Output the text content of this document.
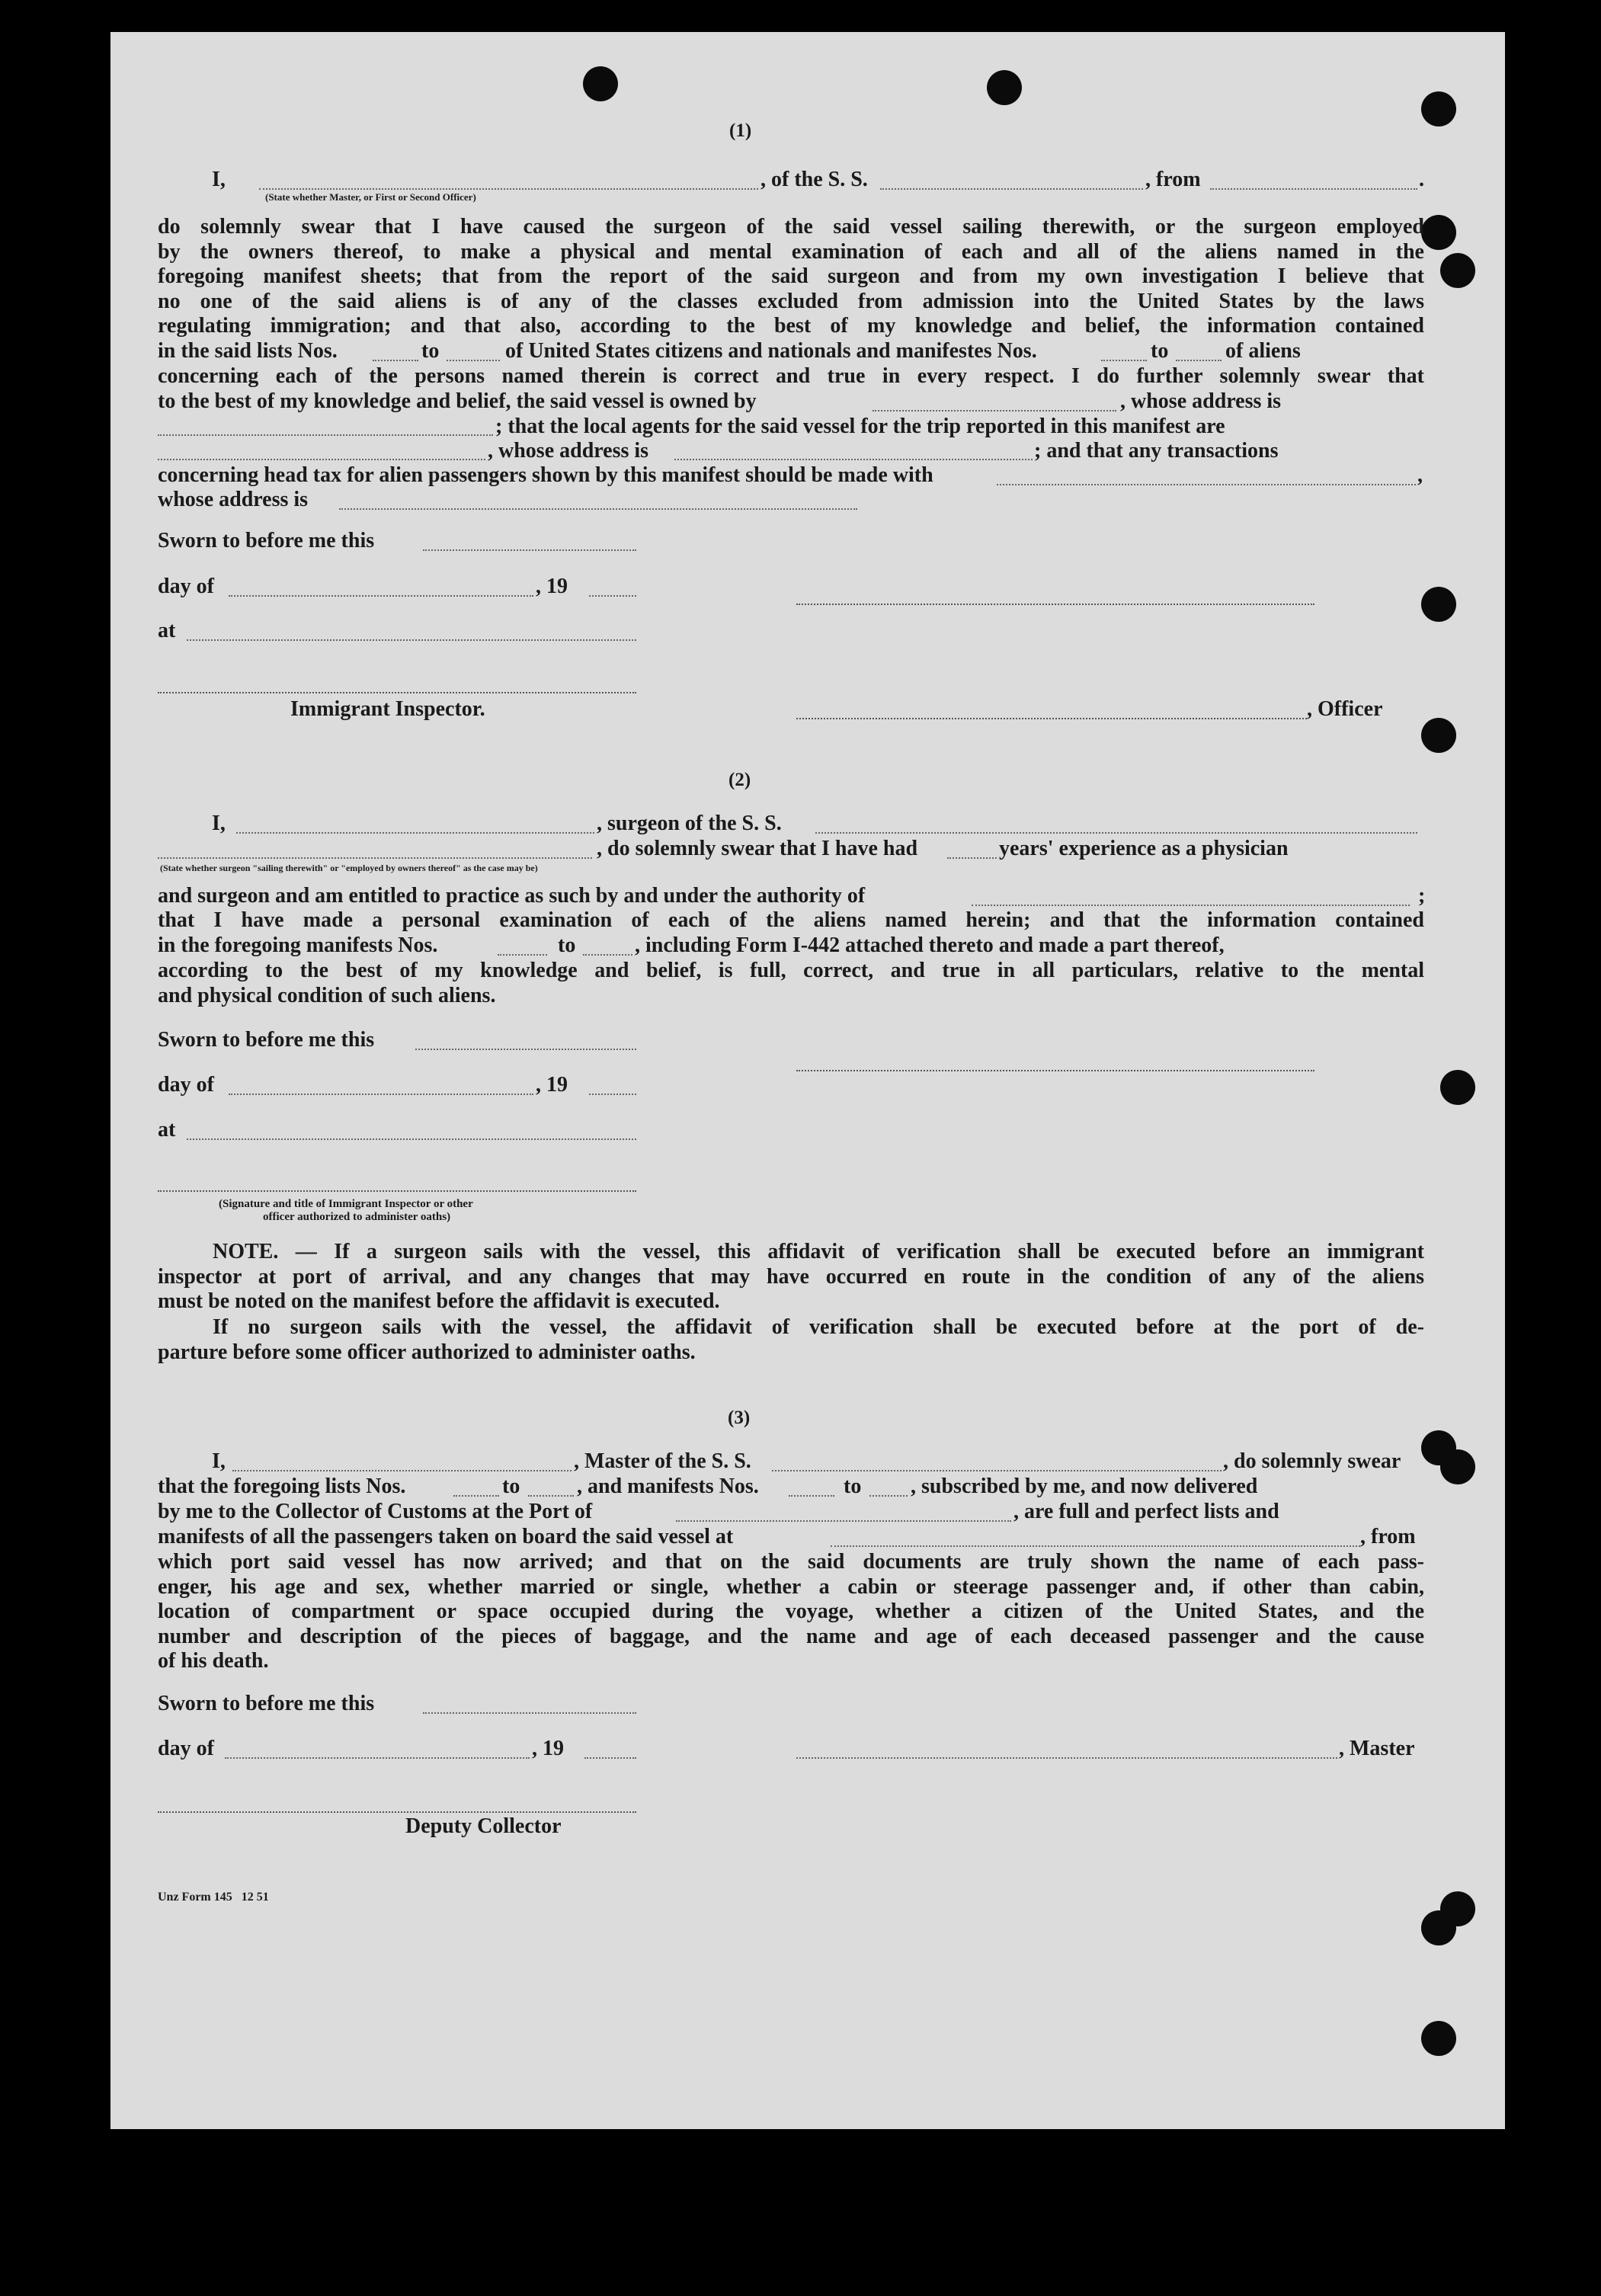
(1)
I,	, of the S. S.	, from	.
(State whether Master, or First or Second Officer)
do solemnly swear that I have caused the surgeon of the said vessel sailing therewith, or the surgeon employed
by the owners thereof, to make a physical and mental examination of each and all of the aliens named in the
foregoing manifest sheets; that from the report of the said surgeon and from my own investigation I believe that
no one of the said aliens is of any of the classes excluded from admission into the United States by the laws
regulating immigration; and that also, according to the best of my knowledge and belief, the information contained
in the said lists Nos.	to	of United States citizens and nationals and manifestes Nos.	to	of aliens
concerning each of the persons named therein is correct and true in every respect. I do further solemnly swear that
to the best of my knowledge and belief, the said vessel is owned by	, whose address is
; that the local agents for the said vessel for the trip reported in this manifest are
, whose address is	; and that any transactions
concerning head tax for alien passengers shown by this manifest should be made with	,
whose address is
Sworn to before me this
day of	, 19
at
Immigrant Inspector.	, Officer
(2)
I,	, surgeon of the S. S.
, do solemnly swear that I have had	years' experience as a physician
(State whether surgeon "sailing therewith" or "employed by owners thereof" as the case may be)
and surgeon and am entitled to practice as such by and under the authority of	;
that I have made a personal examination of each of the aliens named herein; and that the information contained
in the foregoing manifests Nos.	to	, including Form I-442 attached thereto and made a part thereof,
according to the best of my knowledge and belief, is full, correct, and true in all particulars, relative to the mental
and physical condition of such aliens.
Sworn to before me this
day of	, 19
at
(Signature and title of Immigrant Inspector or other
officer authorized to administer oaths)
NOTE. — If a surgeon sails with the vessel, this affidavit of verification shall be executed before an immigrant
inspector at port of arrival, and any changes that may have occurred en route in the condition of any of the aliens
must be noted on the manifest before the affidavit is executed.
If no surgeon sails with the vessel, the affidavit of verification shall be executed before at the port of de-
parture before some officer authorized to administer oaths.
(3)
I,	, Master of the S. S.	, do solemnly swear
that the foregoing lists Nos.	to	, and manifests Nos.	to , subscribed by me, and now delivered
by me to the Collector of Customs at the Port of	, are full and perfect lists and
manifests of all the passengers taken on board the said vessel at	, from
which port said vessel has now arrived; and that on the said documents are truly shown the name of each pass-
enger, his age and sex, whether married or single, whether a cabin or steerage passenger and, if other than cabin,
location of compartment or space occupied during the voyage, whether a citizen of the United States, and the
number and description of the pieces of baggage, and the name and age of each deceased passenger and the cause
of his death.
Sworn to before me this
day of	, 19	, Master
Deputy Collector
Unz Form 145   12 51
